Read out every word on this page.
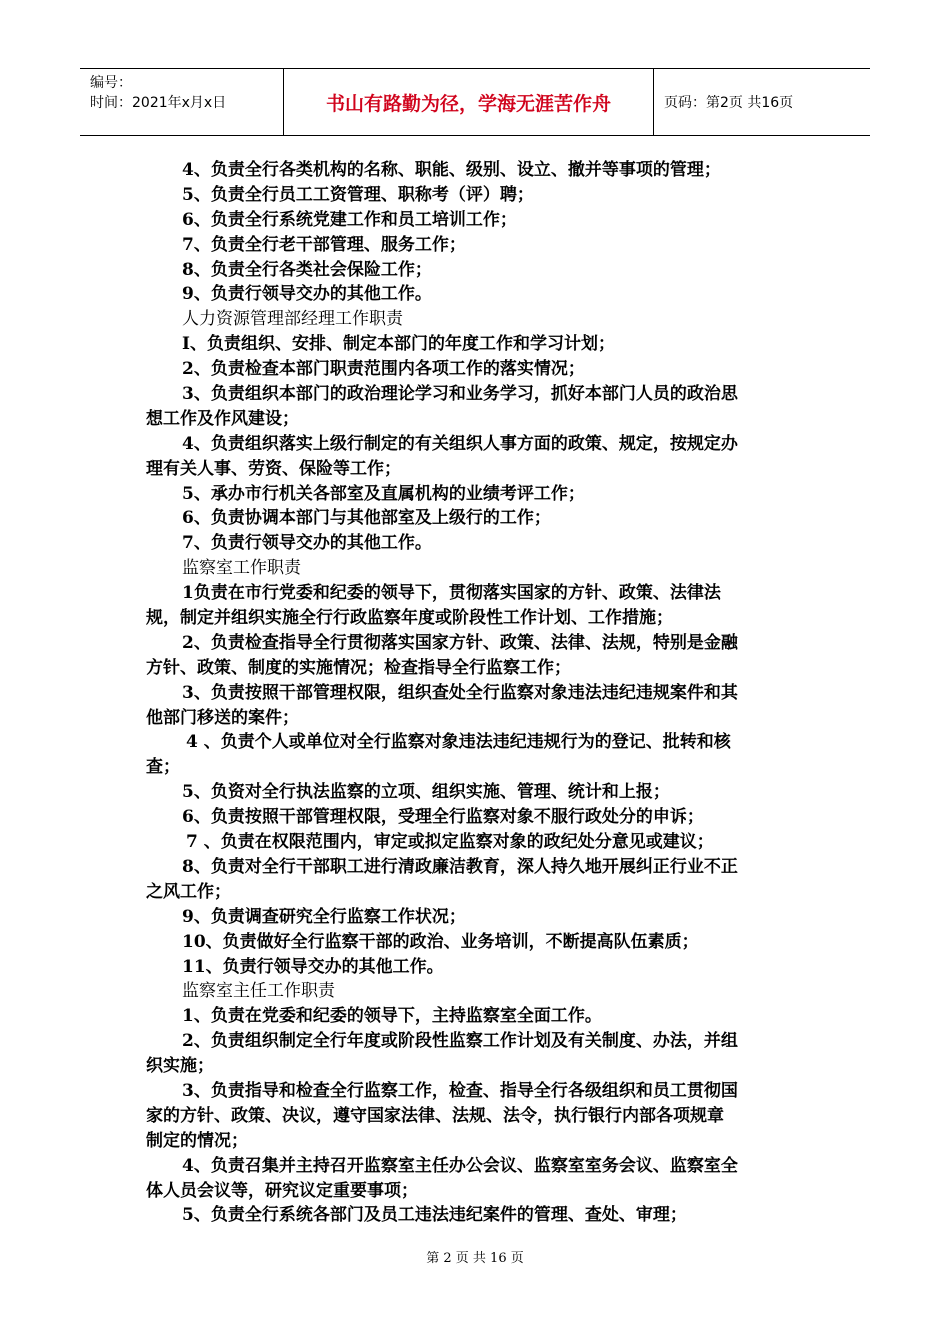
编号：
时间：2021年x月x日	书山有路勤为径，学海无涯苦作舟	页码：第2页 共16页
4、负责全行各类机构的名称、职能、级别、设立、撤并等事项的管理；
5、负责全行员工工资管理、职称考（评）聘；
6、负责全行系统党建工作和员工培训工作；
7、负责全行老干部管理、服务工作；
8、负责全行各类社会保险工作；
9、负责行领导交办的其他工作。
人力资源管理部经理工作职责
I、负责组织、安排、制定本部门的年度工作和学习计划；
2、负责检查本部门职责范围内各项工作的落实情况；
3、负责组织本部门的政治理论学习和业务学习，抓好本部门人员的政治思
想工作及作风建设；
4、负责组织落实上级行制定的有关组织人事方面的政策、规定，按规定办
理有关人事、劳资、保险等工作；
5、承办市行机关各部室及直属机构的业绩考评工作；
6、负责协调本部门与其他部室及上级行的工作；
7、负责行领导交办的其他工作。
监察室工作职责
1负责在市行党委和纪委的领导下，贯彻落实国家的方针、政策、法律法
规，制定并组织实施全行行政监察年度或阶段性工作计划、工作措施；
2、负责检查指导全行贯彻落实国家方针、政策、法律、法规，特别是金融
方针、政策、制度的实施情况；检查指导全行监察工作；
3、负责按照干部管理权限，组织查处全行监察对象违法违纪违规案件和其
他部门移送的案件；
4 、负责个人或单位对全行监察对象违法违纪违规行为的登记、批转和核
查；
5、负资对全行执法监察的立项、组织实施、管理、统计和上报；
6、负责按照干部管理权限，受理全行监察对象不服行政处分的申诉；
7 、负责在权限范围内，审定或拟定监察对象的政纪处分意见或建议；
8、负责对全行干部职工进行清政廉洁教育，深人持久地开展纠正行业不正
之风工作；
9、负责调查研究全行监察工作状况；
10、负责做好全行监察干部的政治、业务培训，不断提高队伍素质；
11、负责行领导交办的其他工作。
监察室主任工作职责
1、负责在党委和纪委的领导下，主持监察室全面工作。
2、负责组织制定全行年度或阶段性监察工作计划及有关制度、办法，并组
织实施；
3、负责指导和检查全行监察工作，检查、指导全行各级组织和员工贯彻国
家的方针、政策、决议，遵守国家法律、法规、法令，执行银行内部各项规章
制定的情况；
4、负责召集并主持召开监察室主任办公会议、监察室室务会议、监察室全
体人员会议等，研究议定重要事项；
5、负责全行系统各部门及员工违法违纪案件的管理、查处、审理；
第 2 页 共 16 页
